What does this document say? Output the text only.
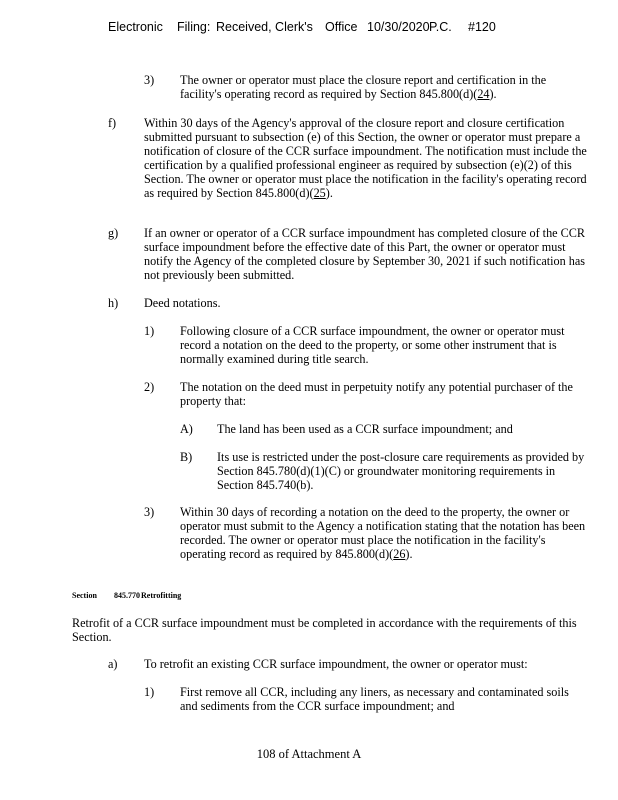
Electronic Filing: Received, Clerk's Office 10/30/2020 P.C. #120
3) The owner or operator must place the closure report and certification in the facility's operating record as required by Section 845.800(d)(24).
f) Within 30 days of the Agency's approval of the closure report and closure certification submitted pursuant to subsection (e) of this Section, the owner or operator must prepare a notification of closure of the CCR surface impoundment. The notification must include the certification by a qualified professional engineer as required by subsection (e)(2) of this Section. The owner or operator must place the notification in the facility's operating record as required by Section 845.800(d)(25).
g) If an owner or operator of a CCR surface impoundment has completed closure of the CCR surface impoundment before the effective date of this Part, the owner or operator must notify the Agency of the completed closure by September 30, 2021 if such notification has not previously been submitted.
h) Deed notations.
1) Following closure of a CCR surface impoundment, the owner or operator must record a notation on the deed to the property, or some other instrument that is normally examined during title search.
2) The notation on the deed must in perpetuity notify any potential purchaser of the property that:
A) The land has been used as a CCR surface impoundment; and
B) Its use is restricted under the post-closure care requirements as provided by Section 845.780(d)(1)(C) or groundwater monitoring requirements in Section 845.740(b).
3) Within 30 days of recording a notation on the deed to the property, the owner or operator must submit to the Agency a notification stating that the notation has been recorded. The owner or operator must place the notification in the facility's operating record as required by 845.800(d)(26).
Section 845.770 Retrofitting
Retrofit of a CCR surface impoundment must be completed in accordance with the requirements of this Section.
a) To retrofit an existing CCR surface impoundment, the owner or operator must:
1) First remove all CCR, including any liners, as necessary and contaminated soils and sediments from the CCR surface impoundment; and
108 of Attachment A
